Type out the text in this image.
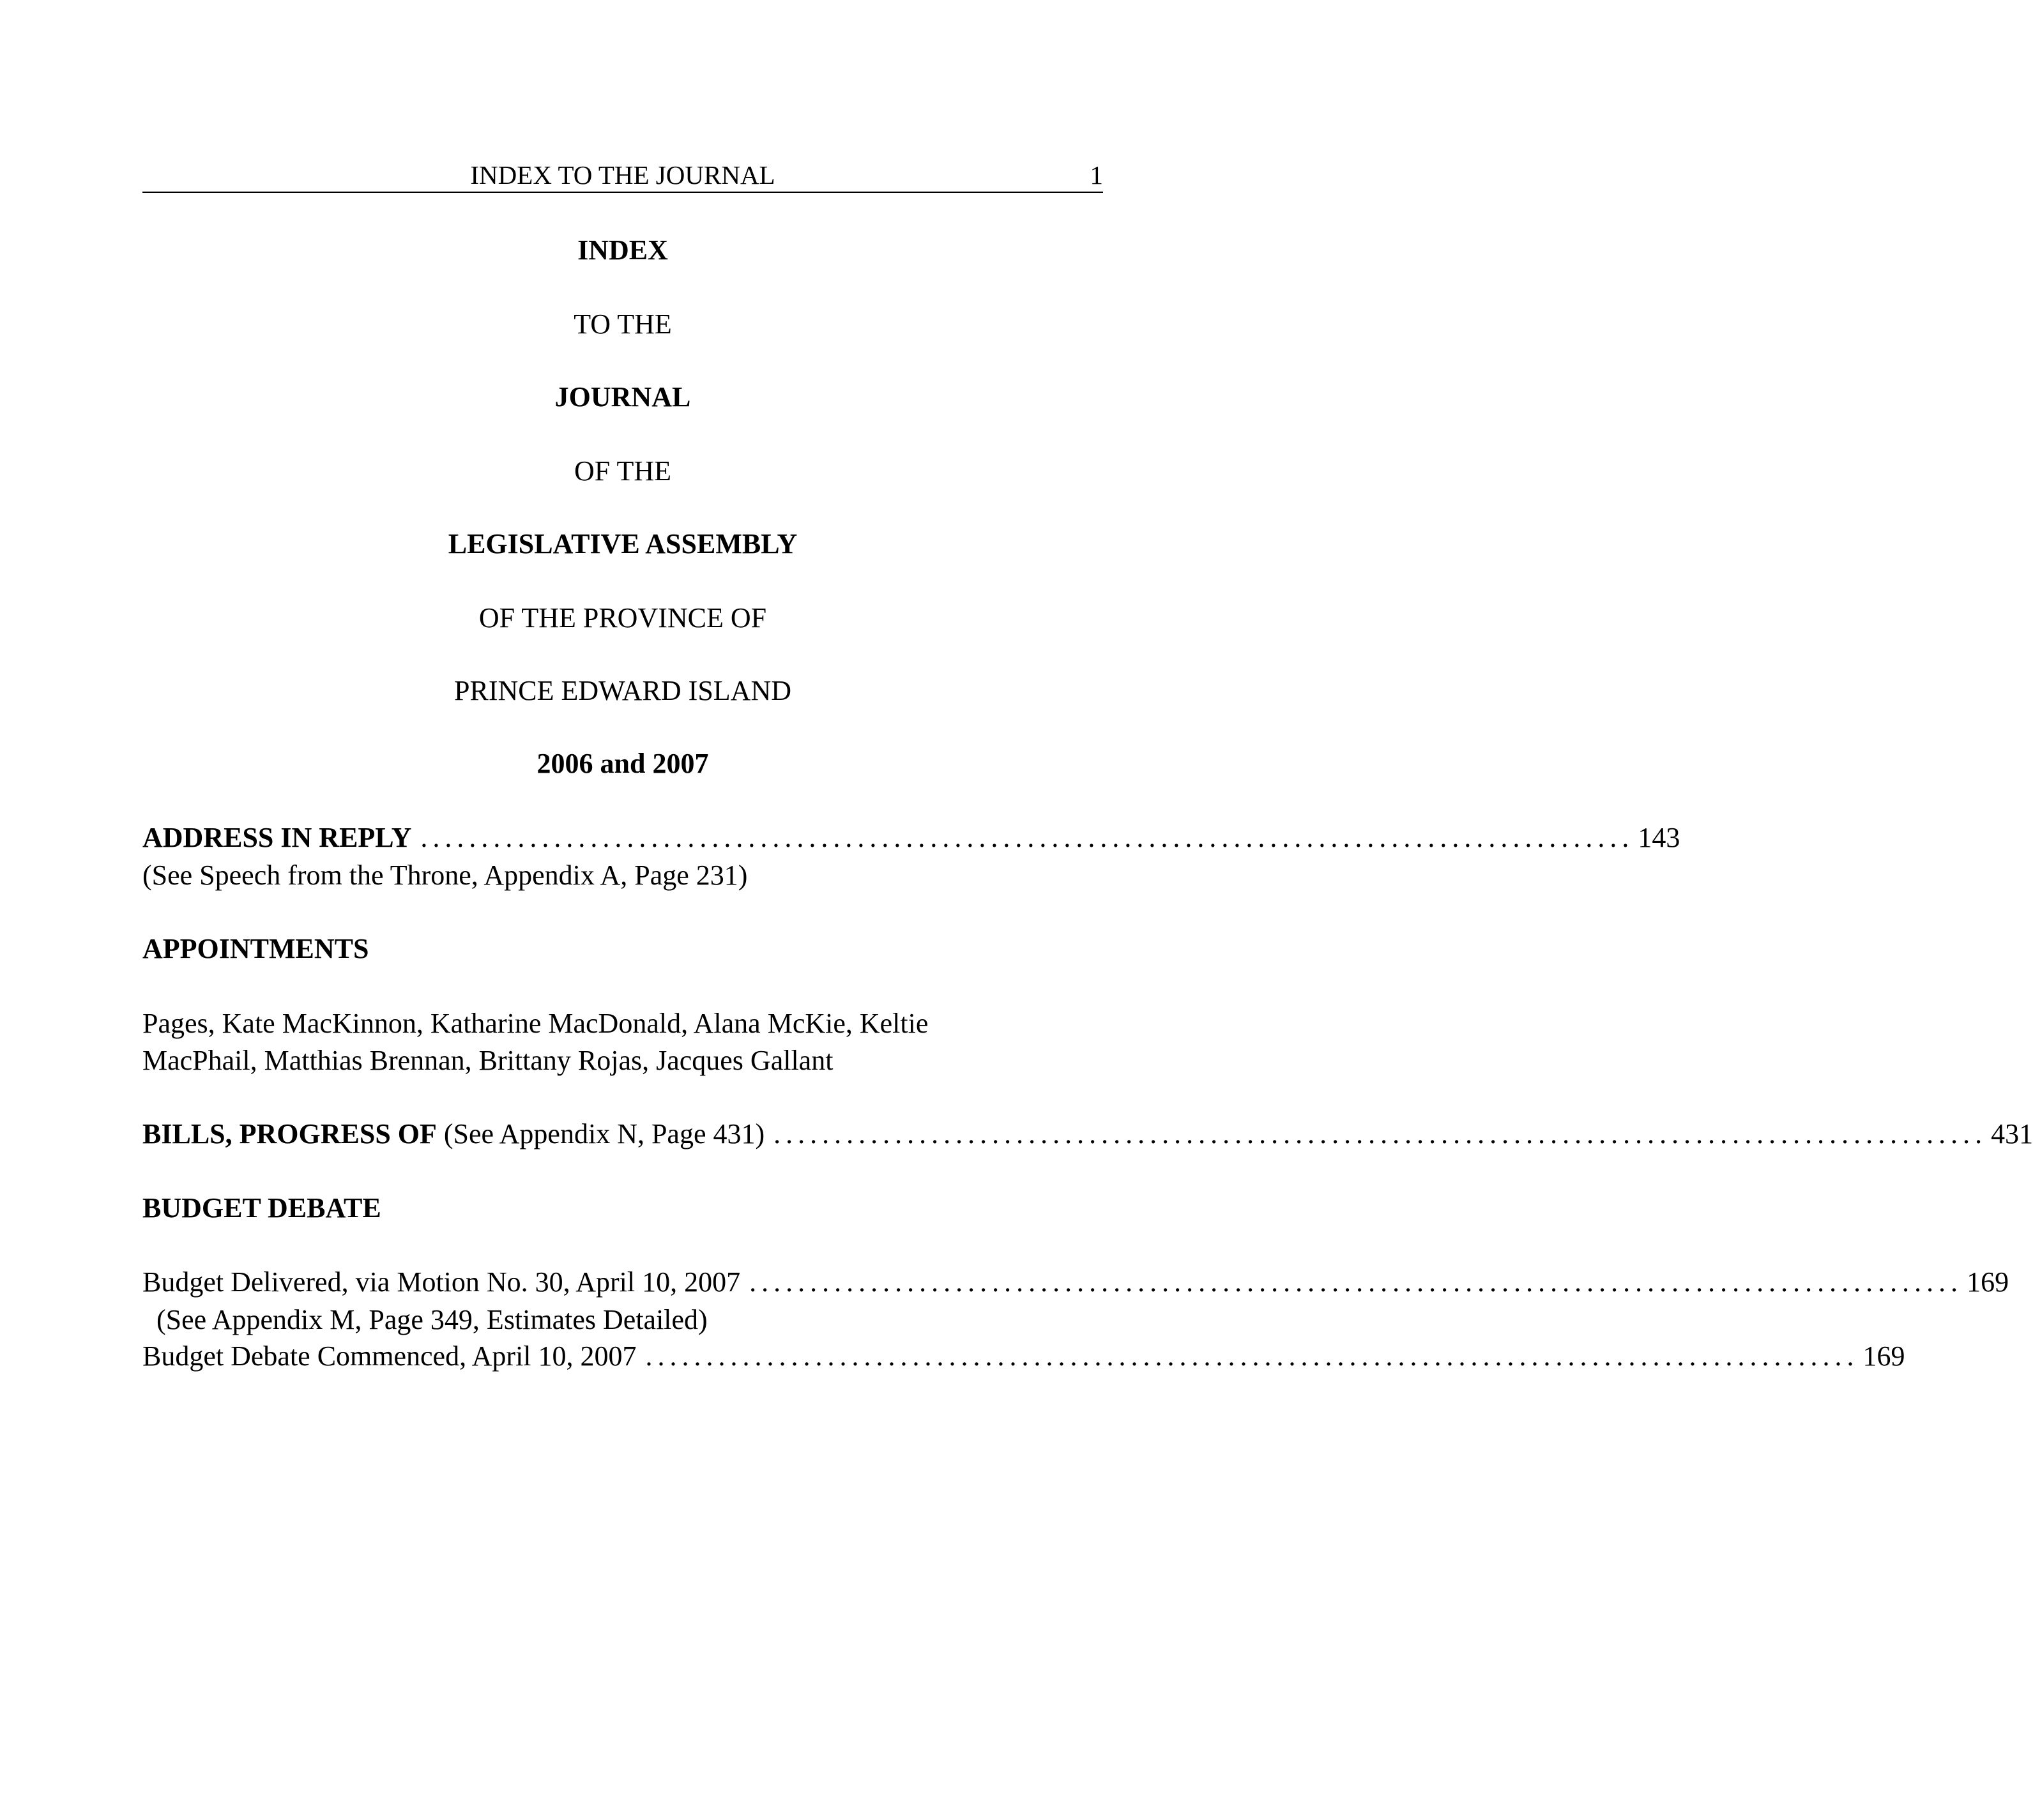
INDEX TO THE JOURNAL	1
INDEX
TO THE
JOURNAL
OF THE
LEGISLATIVE ASSEMBLY
OF THE PROVINCE OF
PRINCE EDWARD ISLAND
2006 and 2007
ADDRESS IN REPLY .................................................................................................... 143
(See Speech from the Throne, Appendix A, Page 231)
APPOINTMENTS
Pages, Kate MacKinnon, Katharine MacDonald, Alana McKie, Keltie
MacPhail, Matthias Brennan, Brittany Rojas, Jacques Gallant
BILLS, PROGRESS OF (See Appendix N, Page 431) .................................................................................................... 431
BUDGET DEBATE
Budget Delivered, via Motion No. 30, April 10, 2007 .................................................................................................... 169
(See Appendix M, Page 349, Estimates Detailed)
Budget Debate Commenced, April 10, 2007 .................................................................................................... 169
